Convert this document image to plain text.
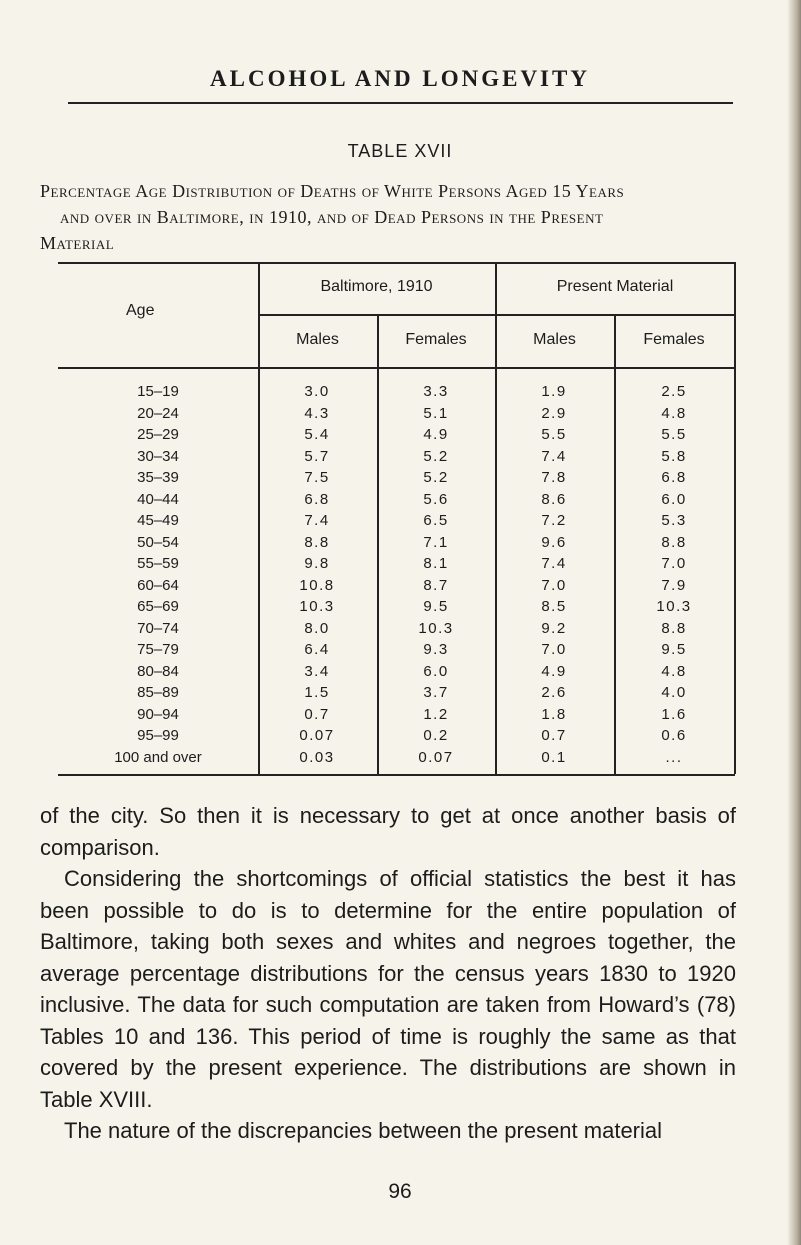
ALCOHOL AND LONGEVITY
TABLE XVII
Percentage Age Distribution of Deaths of White Persons Aged 15 Years
and over in Baltimore, in 1910, and of Dead Persons in the Present
Material
Age
Baltimore, 1910	Present Material
Males	Females	Males	Females
15–19	3.0	3.3	1.9	2.5
20–24	4.3	5.1	2.9	4.8
25–29	5.4	4.9	5.5	5.5
30–34	5.7	5.2	7.4	5.8
35–39	7.5	5.2	7.8	6.8
40–44	6.8	5.6	8.6	6.0
45–49	7.4	6.5	7.2	5.3
50–54	8.8	7.1	9.6	8.8
55–59	9.8	8.1	7.4	7.0
60–64	10.8	8.7	7.0	7.9
65–69	10.3	9.5	8.5	10.3
70–74	8.0	10.3	9.2	8.8
75–79	6.4	9.3	7.0	9.5
80–84	3.4	6.0	4.9	4.8
85–89	1.5	3.7	2.6	4.0
90–94	0.7	1.2	1.8	1.6
95–99	0.07	0.2	0.7	0.6
100 and over	0.03	0.07	0.1	...

of the city. So then it is necessary to get at once another basis of comparison.

Considering the shortcomings of official statistics the best it has been possible to do is to determine for the entire population of Baltimore, taking both sexes and whites and negroes together, the average percentage distributions for the census years 1830 to 1920 inclusive. The data for such computation are taken from Howard’s (78) Tables 10 and 136. This period of time is roughly the same as that covered by the present experience. The distributions are shown in Table XVIII.

The nature of the discrepancies between the present material

96
